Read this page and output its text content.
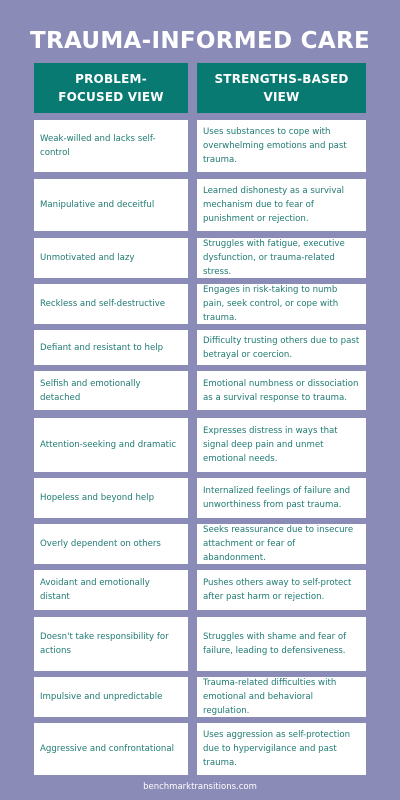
TRAUMA-INFORMED CARE
PROBLEM-FOCUSED VIEW
STRENGTHS-BASED VIEW
Weak-willed and lacks self-control
Uses substances to cope with overwhelming emotions and past trauma.
Manipulative and deceitful
Learned dishonesty as a survival mechanism due to fear of punishment or rejection.
Unmotivated and lazy
Struggles with fatigue, executive dysfunction, or trauma-related stress.
Reckless and self-destructive
Engages in risk-taking to numb pain, seek control, or cope with trauma.
Defiant and resistant to help
Difficulty trusting others due to past betrayal or coercion.
Selfish and emotionally detached
Emotional numbness or dissociation as a survival response to trauma.
Attention-seeking and dramatic
Expresses distress in ways that signal deep pain and unmet emotional needs.
Hopeless and beyond help
Internalized feelings of failure and unworthiness from past trauma.
Overly dependent on others
Seeks reassurance due to insecure attachment or fear of abandonment.
Avoidant and emotionally distant
Pushes others away to self-protect after past harm or rejection.
Doesn't take responsibility for actions
Struggles with shame and fear of failure, leading to defensiveness.
Impulsive and unpredictable
Trauma-related difficulties with emotional and behavioral regulation.
Aggressive and confrontational
Uses aggression as self-protection due to hypervigilance and past trauma.
benchmarktransitions.com
